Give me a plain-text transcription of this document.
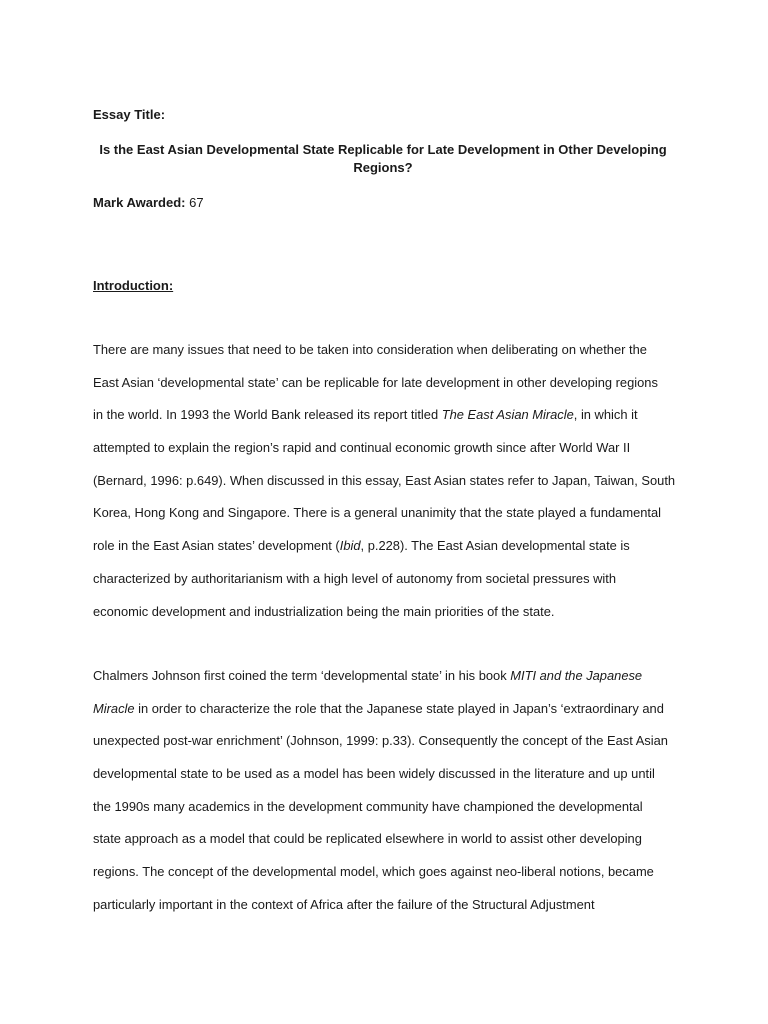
Essay Title:

Is the East Asian Developmental State Replicable for Late Development in Other Developing Regions?

Mark Awarded: 67

Introduction:

There are many issues that need to be taken into consideration when deliberating on whether the
East Asian ‘developmental state’ can be replicable for late development in other developing regions
in the world. In 1993 the World Bank released its report titled The East Asian Miracle, in which it
attempted to explain the region’s rapid and continual economic growth since after World War II
(Bernard, 1996: p.649). When discussed in this essay, East Asian states refer to Japan, Taiwan, South
Korea, Hong Kong and Singapore. There is a general unanimity that the state played a fundamental
role in the East Asian states’ development (Ibid, p.228). The East Asian developmental state is
characterized by authoritarianism with a high level of autonomy from societal pressures with
economic development and industrialization being the main priorities of the state.
Chalmers Johnson first coined the term ‘developmental state’ in his book MITI and the Japanese
Miracle in order to characterize the role that the Japanese state played in Japan’s ‘extraordinary and
unexpected post-war enrichment’ (Johnson, 1999: p.33). Consequently the concept of the East Asian
developmental state to be used as a model has been widely discussed in the literature and up until
the 1990s many academics in the development community have championed the developmental
state approach as a model that could be replicated elsewhere in world to assist other developing
regions. The concept of the developmental model, which goes against neo-liberal notions, became
particularly important in the context of Africa after the failure of the Structural Adjustment
